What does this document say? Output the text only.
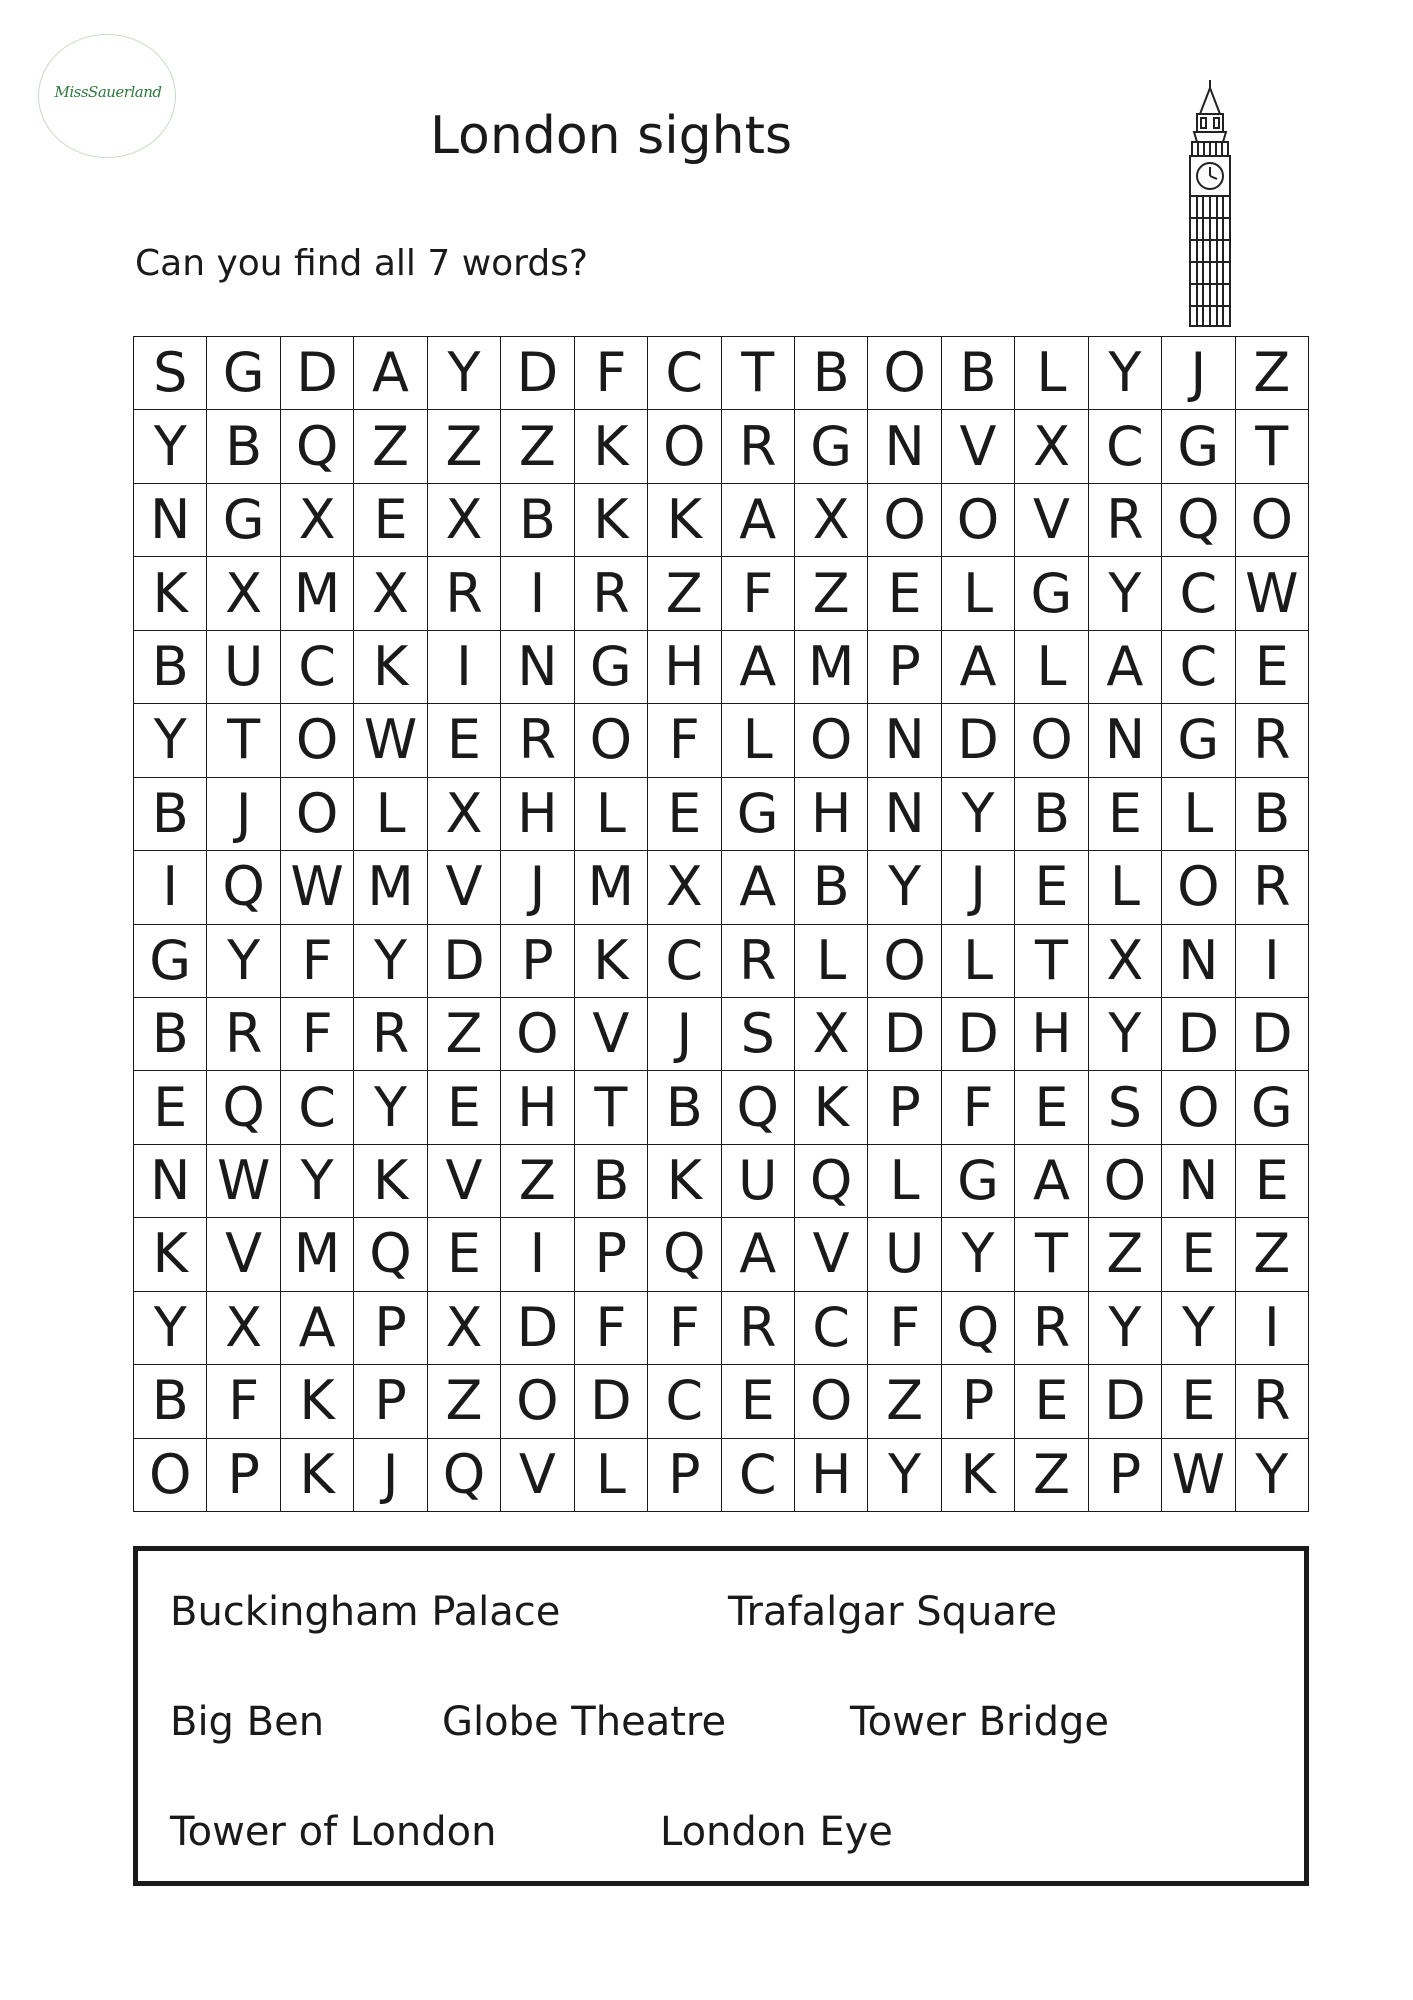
MissSauerland
London sights

Can you find all 7 words?

S G D A Y D F C T B O B L Y J Z
Y B Q Z Z Z K O R G N V X C G T
N G X E X B K K A X O O V R Q O
K X M X R I R Z F Z E L G Y C W
B U C K I N G H A M P A L A C E
Y T O W E R O F L O N D O N G R
B J O L X H L E G H N Y B E L B
I Q W M V J M X A B Y J E L O R
G Y F Y D P K C R L O L T X N I
B R F R Z O V J S X D D H Y D D
E Q C Y E H T B Q K P F E S O G
N W Y K V Z B K U Q L G A O N E
K V M Q E I P Q A V U Y T Z E Z
Y X A P X D F F R C F Q R Y Y I
B F K P Z O D C E O Z P E D E R
O P K J Q V L P C H Y K Z P W Y
Buckingham Palace	Trafalgar Square
Big Ben	Globe Theatre	Tower Bridge
Tower of London	London Eye
